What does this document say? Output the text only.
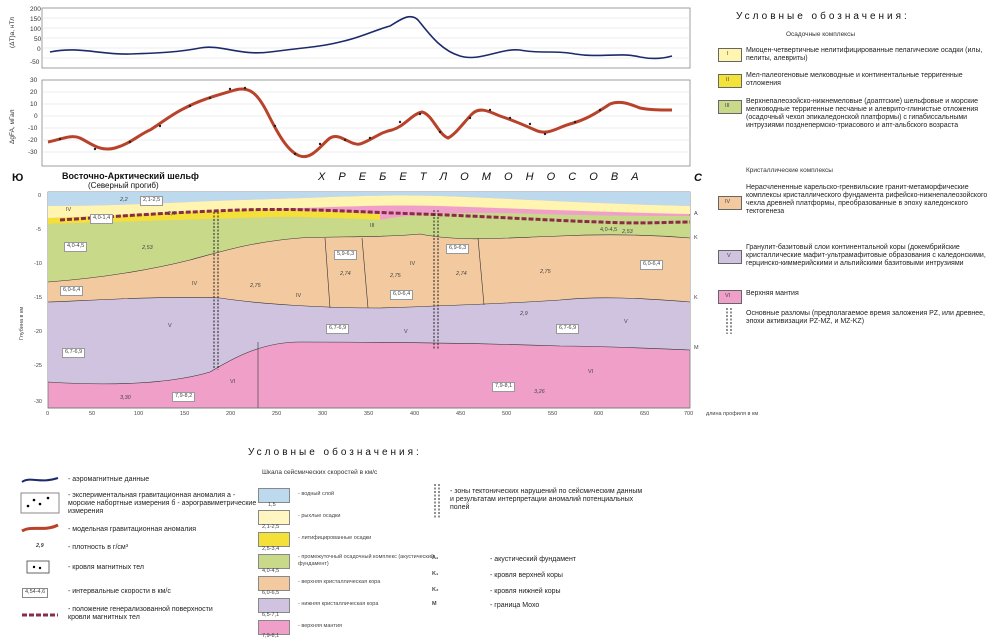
200
150
100
50
0
-50
(ΔT)a, нТл
30
20
10
0
-10
-20
-30
ΔgFA, мГал
Ю	С
Восточно-Арктический шельф
(Северный прогиб)
Х Р Е Б Е Т Л О М О Н О С О В А
0
-5
-10
-15
-20
-25
-30
Глубина в км
0	50	100	150	200	250	300	350	400	450	500	550	600	650	700 длина профиля в км
A
K
K
M
IV
IV
IV
IV
V
V
V
VI
VI
III
2,2	2,1-2,5
2,4
4,0-4,5
6,0-6,4
5,9-6,3
6,9-6,3
6,0-6,4
6,0-6,4
6,7-6,9
6,7-6,9	6,7-6,9
7,9-8,2
7,9-8,1
4,0-4,5
4,0-1,4
2,53
2,75
2,74	2,75	2,74	2,75
2,9
3,30
3,26
2,53
Условные обозначения:
Осадочные комплексы
I Миоцен-четвертичные нелитифицированные пелагические осадки (илы, пелиты, алевриты)
II
Мел-палеогеновые мелководные и континентальные терригенные отложения
III
Верхнепалеозойско-нижнемеловые (доаптские) шельфовые и морские мелководные терригенные песчаные и алеврито-глинистые отложения (осадочный чехол эпикаледонской платформы) с гипабиссальными интрузиями позднепермско-триасового и апт-альбского возраста
Кристаллические комплексы
IV
Нерасчлененные карельско-гренвильские гранит-метаморфические комплексы кристаллического фундамента рифейско-нижнепалеозойского чехла древней платформы, преобразованные в эпоху каледонского тектогенеза
V
Гранулит-базитовый слои континентальной коры (докембрийские кристаллические мафит-ультрамафитовые образования с каледонскими, герцинско-киммерийскими и альпийскими базитовыми интрузиями
VI Верхняя мантия
Основные разломы (предполагаемое время заложения PZ, или древнее, эпохи активизации PZ-MZ, и MZ-KZ)
Условные обозначения:
- аэромагнитные данные
- экспериментальная гравитационная аномалия а - морские набортные измерения б - аэрогравиметрические измерения
- модельная гравитационная аномалия
2,9	- плотность в г/см³
- кровля магнитных тел
4,54-4,6	- интервальные скорости в км/с
- положение генерализованной поверхности кровли магнитных тел
Шкала сейсмических скоростей в км/с
- водный слой
1,5
- рыхлые осадки
2,1-2,5
- литифицированные осадки
2,5-3,4
- промежуточный осадочный комплекс (акустический фундамент)
4,0-4,5
- верхняя кристаллическая кора
6,0-6,5
- нижняя кристаллическая кора
6,5-7,1
- верхняя мантия
7,9-8,1
- зоны тектонических нарушений по сейсмическим данным и результатам интерпретации аномалий потенциальных полей
A₁	- акустический фундамент
K₁	- кровля верхней коры
K₂	- кровля нижней коры
M	- граница Мохо
